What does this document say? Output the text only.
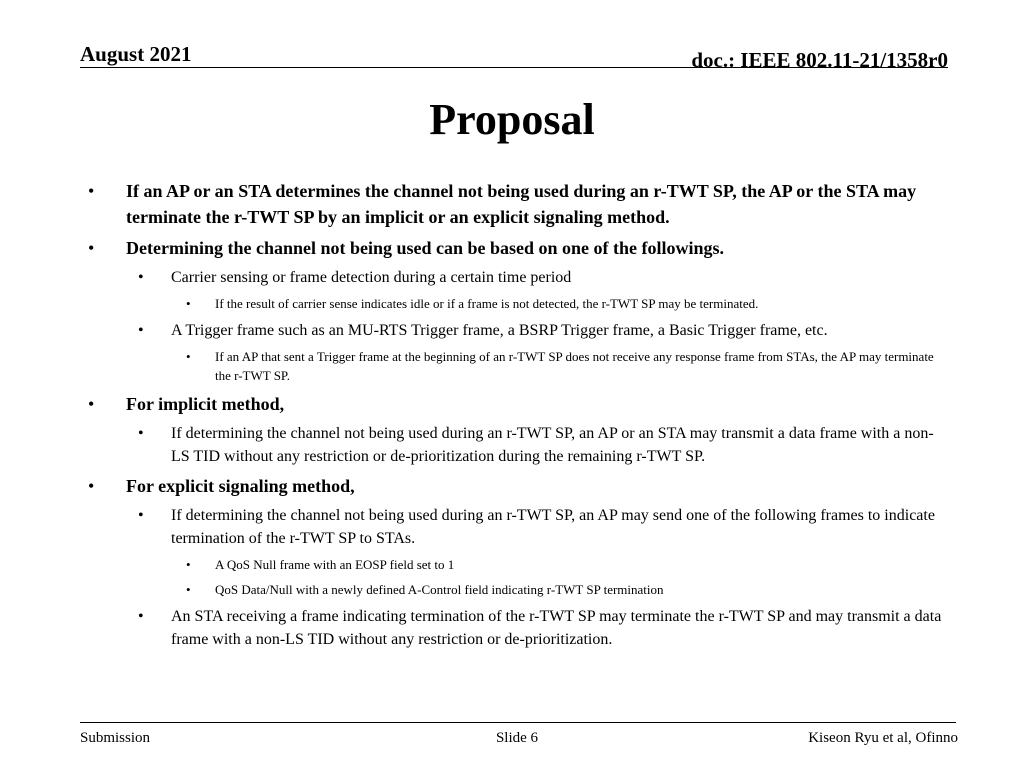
August 2021	doc.: IEEE 802.11-21/1358r0
Proposal
• If an AP or an STA determines the channel not being used during an r-TWT SP, the AP or the STA may terminate the r-TWT SP by an implicit or an explicit signaling method.
• Determining the channel not being used can be based on one of the followings.
• Carrier sensing or frame detection during a certain time period
• If the result of carrier sense indicates idle or if a frame is not detected, the r-TWT SP may be terminated.
• A Trigger frame such as an MU-RTS Trigger frame, a BSRP Trigger frame, a Basic Trigger frame, etc.
• If an AP that sent a Trigger frame at the beginning of an r-TWT SP does not receive any response frame from STAs, the AP may terminate the r-TWT SP.
• For implicit method,
• If determining the channel not being used during an r-TWT SP, an AP or an STA may transmit a data frame with a non-LS TID without any restriction or de-prioritization during the remaining r-TWT SP.
• For explicit signaling method,
• If determining the channel not being used during an r-TWT SP, an AP may send one of the following frames to indicate termination of the r-TWT SP to STAs.
• A QoS Null frame with an EOSP field set to 1
• QoS Data/Null with a newly defined A-Control field indicating r-TWT SP termination
• An STA receiving a frame indicating termination of the r-TWT SP may terminate the r-TWT SP and may transmit a data frame with a non-LS TID without any restriction or de-prioritization.
Submission	Slide 6	Kiseon Ryu et al, Ofinno
